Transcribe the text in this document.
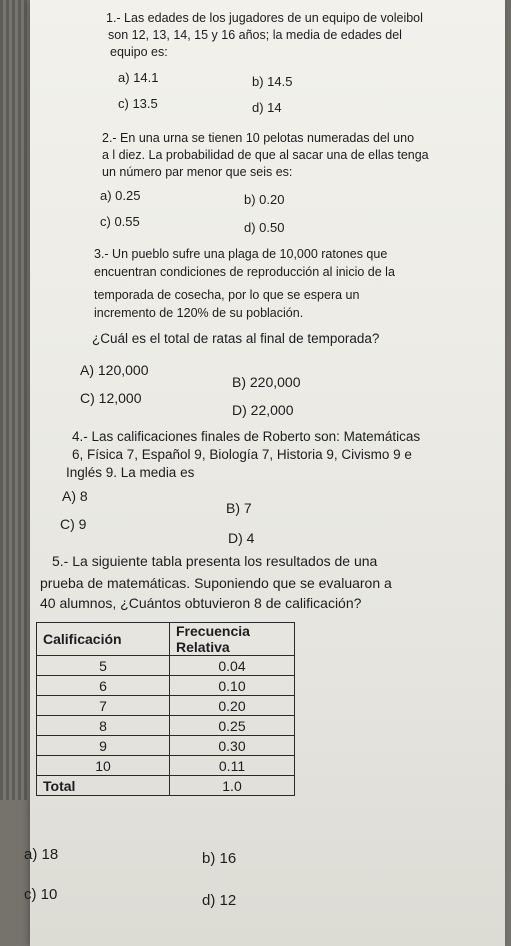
1.- Las edades de los jugadores de un equipo de voleibol
son 12, 13, 14, 15 y 16 años; la media de edades del
equipo es:
a) 14.1	b) 14.5
c) 13.5	d) 14
2.- En una urna se tienen 10 pelotas numeradas del uno
a l diez. La probabilidad de que al sacar una de ellas tenga
un número par menor que seis es:
a) 0.25	b) 0.20
c) 0.55	d) 0.50
3.- Un pueblo sufre una plaga de 10,000 ratones que
encuentran condiciones de reproducción al inicio de la
temporada de cosecha, por lo que se espera un
incremento de 120% de su población.
¿Cuál es el total de ratas al final de temporada?
A) 120,000
B) 220,000
C) 12,000
D) 22,000
4.- Las calificaciones finales de Roberto son: Matemáticas
6, Física 7, Español 9, Biología 7, Historia 9, Civismo 9 e
Inglés 9. La media es
A) 8
B) 7
C) 9
D) 4
5.- La siguiente tabla presenta los resultados de una
prueba de matemáticas. Suponiendo que se evaluaron a
40 alumnos, ¿Cuántos obtuvieron 8 de calificación?
Calificación	Frecuencia Relativa
5	0.04
6	0.10
7	0.20
8	0.25
9	0.30
10	0.11
Total	1.0
a) 18	b) 16
c) 10	d) 12
